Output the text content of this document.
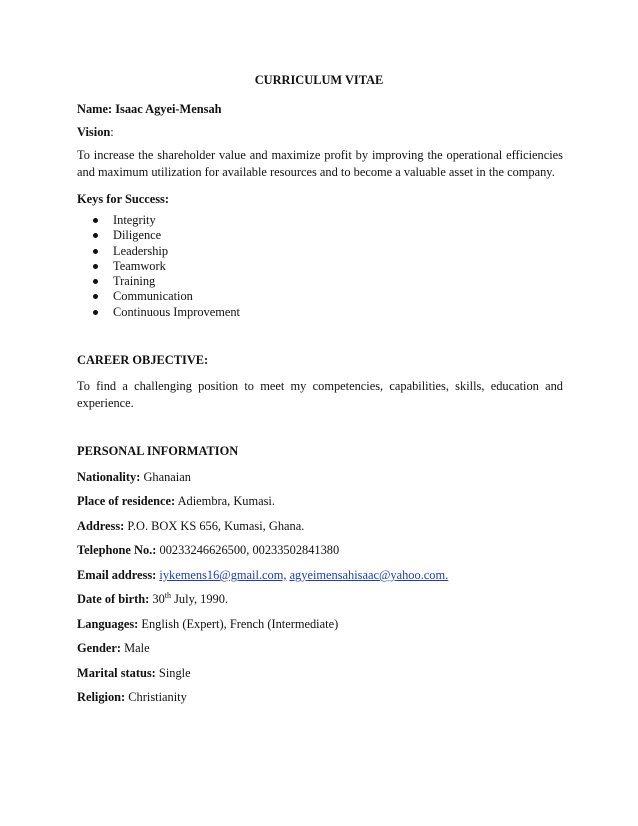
CURRICULUM VITAE
Name: Isaac Agyei-Mensah
Vision:
To increase the shareholder value and maximize profit by improving the operational efficiencies and maximum utilization for available resources and to become a valuable asset in the company.
Keys for Success:
Integrity
Diligence
Leadership
Teamwork
Training
Communication
Continuous Improvement
CAREER OBJECTIVE:
To find a challenging position to meet my competencies, capabilities, skills, education and experience.
PERSONAL INFORMATION
Nationality: Ghanaian
Place of residence: Adiembra, Kumasi.
Address: P.O. BOX KS 656, Kumasi, Ghana.
Telephone No.: 00233246626500, 00233502841380
Email address: iykemens16@gmail.com, agyeimensahisaac@yahoo.com.
Date of birth: 30th July, 1990.
Languages: English (Expert), French (Intermediate)
Gender: Male
Marital status: Single
Religion: Christianity
